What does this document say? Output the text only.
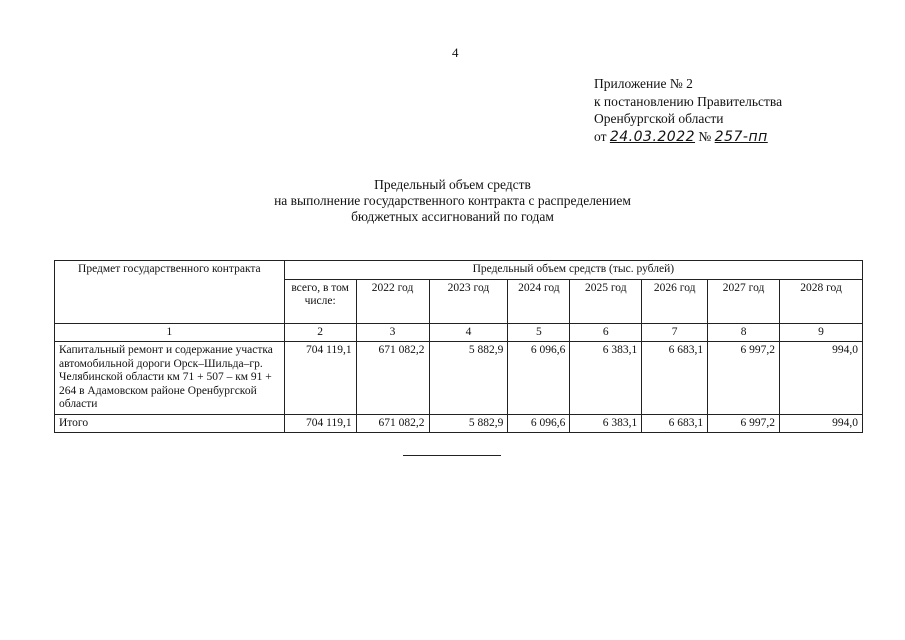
4
Приложение № 2
к постановлению Правительства
Оренбургской области
от 24.03.2022 № 257-пп
Предельный объем средств
на выполнение государственного контракта с распределением
бюджетных ассигнований по годам
Предмет государственного контракта	Предельный объем средств (тыс. рублей)							
	всего, в том числе:	2022 год	2023 год	2024 год	2025 год	2026 год	2027 год	2028 год
1	2	3	4	5	6	7	8	9
Капитальный ремонт и содержание участка автомобильной дороги Орск–Шильда–гр. Челябинской области км 71 + 507 – км 91 + 264 в Адамовском районе Оренбургской области	704 119,1	671 082,2	5 882,9	6 096,6	6 383,1	6 683,1	6 997,2	994,0
Итого	704 119,1	671 082,2	5 882,9	6 096,6	6 383,1	6 683,1	6 997,2	994,0
